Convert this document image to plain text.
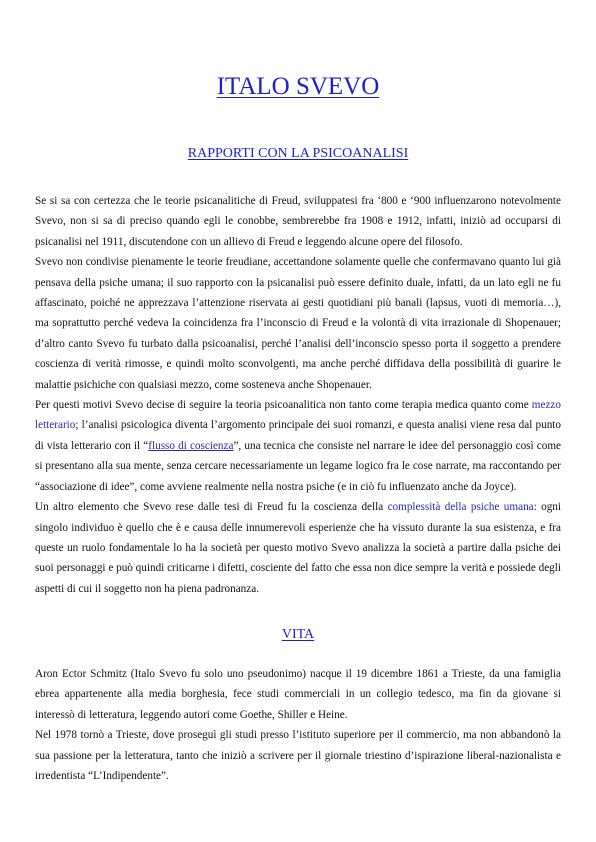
ITALO SVEVO
RAPPORTI CON LA PSICOANALISI

Se si sa con certezza che le teorie psicanalitiche di Freud, sviluppatesi fra ‘800 e ‘900 influenzarono notevolmente Svevo, non si sa di preciso quando egli le conobbe, sembrerebbe fra 1908 e 1912, infatti, iniziò ad occuparsi di psicanalisi nel 1911, discutendone con un allievo di Freud e leggendo alcune opere del filosofo.

Svevo non condivise pienamente le teorie freudiane, accettandone solamente quelle che confermavano quanto lui già pensava della psiche umana; il suo rapporto con la psicanalisi può essere definito duale, infatti, da un lato egli ne fu affascinato, poiché ne apprezzava l’attenzione riservata ai gesti quotidiani più banali (lapsus, vuoti di memoria…), ma soprattutto perché vedeva la coincidenza fra l’inconscio di Freud e la volontà di vita irrazionale di Shopenauer; d’altro canto Svevo fu turbato dalla psicoanalisi, perché l’analisi dell’inconscio spesso porta il soggetto a prendere coscienza di verità rimosse, e quindi molto sconvolgenti, ma anche perché diffidava della possibilità di guarire le malattie psichiche con qualsiasi mezzo, come sosteneva anche Shopenauer.

Per questi motivi Svevo decise di seguire la teoria psicoanalitica non tanto come terapia medica quanto come mezzo letterario; l’analisi psicologica diventa l’argomento principale dei suoi romanzi, e questa analisi viene resa dal punto di vista letterario con il “flusso di coscienza”, una tecnica che consiste nel narrare le idee del personaggio così come si presentano alla sua mente, senza cercare necessariamente un legame logico fra le cose narrate, ma raccontando per “associazione di idee”, come avviene realmente nella nostra psiche (e in ciò fu influenzato anche da Joyce).

Un altro elemento che Svevo rese dalle tesi di Freud fu la coscienza della complessità della psiche umana: ogni singolo individuo è quello che è e causa delle innumerevoli esperienze che ha vissuto durante la sua esistenza, e fra queste un ruolo fondamentale lo ha la società per questo motivo Svevo analizza la società a partire dalla psiche dei suoi personaggi e può quindi criticarne i difetti, cosciente del fatto che essa non dice sempre la verità e possiede degli aspetti di cui il soggetto non ha piena padronanza.

VITA

Aron Ector Schmitz (Italo Svevo fu solo uno pseudonimo) nacque il 19 dicembre 1861 a Trieste, da una famiglia ebrea appartenente alla media borghesia, fece studi commerciali in un collegio tedesco, ma fin da giovane si interessò di letteratura, leggendo autori come Goethe, Shiller e Heine.

Nel 1978 tornò a Trieste, dove proseguì gli studi presso l’istituto superiore per il commercio, ma non abbandonò la sua passione per la letteratura, tanto che iniziò a scrivere per il giornale triestino d’ispirazione liberal-nazionalista e irredentista “L’Indipendente”.
